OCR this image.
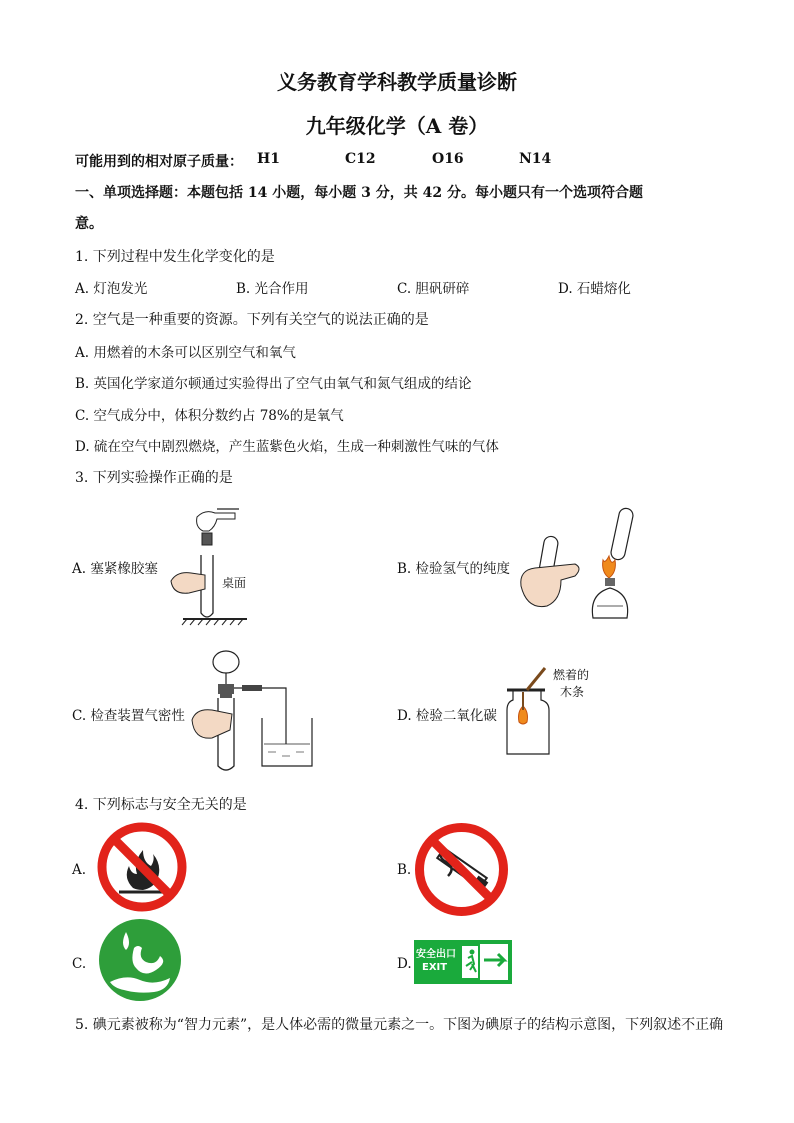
义务教育学科教学质量诊断
九年级化学（A 卷）
可能用到的相对原子质量： H1	C12	O16	N14
一、单项选择题：本题包括 14 小题，每小题 3 分，共 42 分。每小题只有一个选项符合题
意。
1. 下列过程中发生化学变化的是
A. 灯泡发光	B. 光合作用	C. 胆矾研碎	D. 石蜡熔化
2. 空气是一种重要的资源。下列有关空气的说法正确的是
A. 用燃着的木条可以区别空气和氧气
B. 英国化学家道尔顿通过实验得出了空气由氧气和氮气组成的结论
C. 空气成分中，体积分数约占 78%的是氧气
D. 硫在空气中剧烈燃烧，产生蓝紫色火焰，生成一种刺激性气味的气体
3. 下列实验操作正确的是
A. 塞紧橡胶塞	B. 检验氢气的纯度
C. 检查装置气密性	D. 检验二氧化碳
桌面
燃着的
木条
4. 下列标志与安全无关的是
A.	B.
C.	D.
安全出口
EXIT
5. 碘元素被称为“智力元素”，是人体必需的微量元素之一。下图为碘原子的结构示意图，下列叙述不正确
